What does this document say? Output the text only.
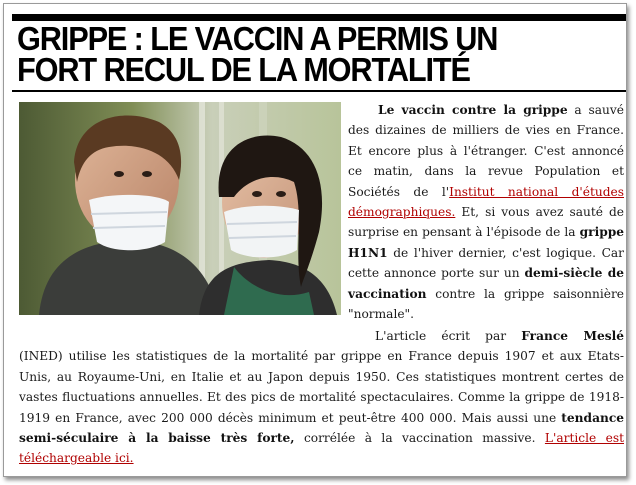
GRIPPE : LE VACCIN A PERMIS UN
FORT RECUL DE LA MORTALITÉ

Le vaccin contre la grippe a sauvé des dizaines de milliers de vies en France. Et encore plus à l'étranger. C'est annoncé ce matin, dans la revue Population et Sociétés de l'Institut national d'études démographiques. Et, si vous avez sauté de surprise en pensant à l'épisode de la grippe H1N1 de l'hiver dernier, c'est logique. Car cette annonce porte sur un demi-siècle de vaccination contre la grippe saisonnière "normale".

L'article écrit par France Meslé (INED) utilise les statistiques de la mortalité par grippe en France depuis 1907 et aux Etats-Unis, au Royaume-Uni, en Italie et au Japon depuis 1950. Ces statistiques montrent certes de vastes fluctuations annuelles. Et des pics de mortalité spectaculaires. Comme la grippe de 1918-1919 en France, avec 200 000 décès minimum et peut-être 400 000. Mais aussi une tendance semi-séculaire à la baisse très forte, corrélée à la vaccination massive. L'article est téléchargeable ici.
